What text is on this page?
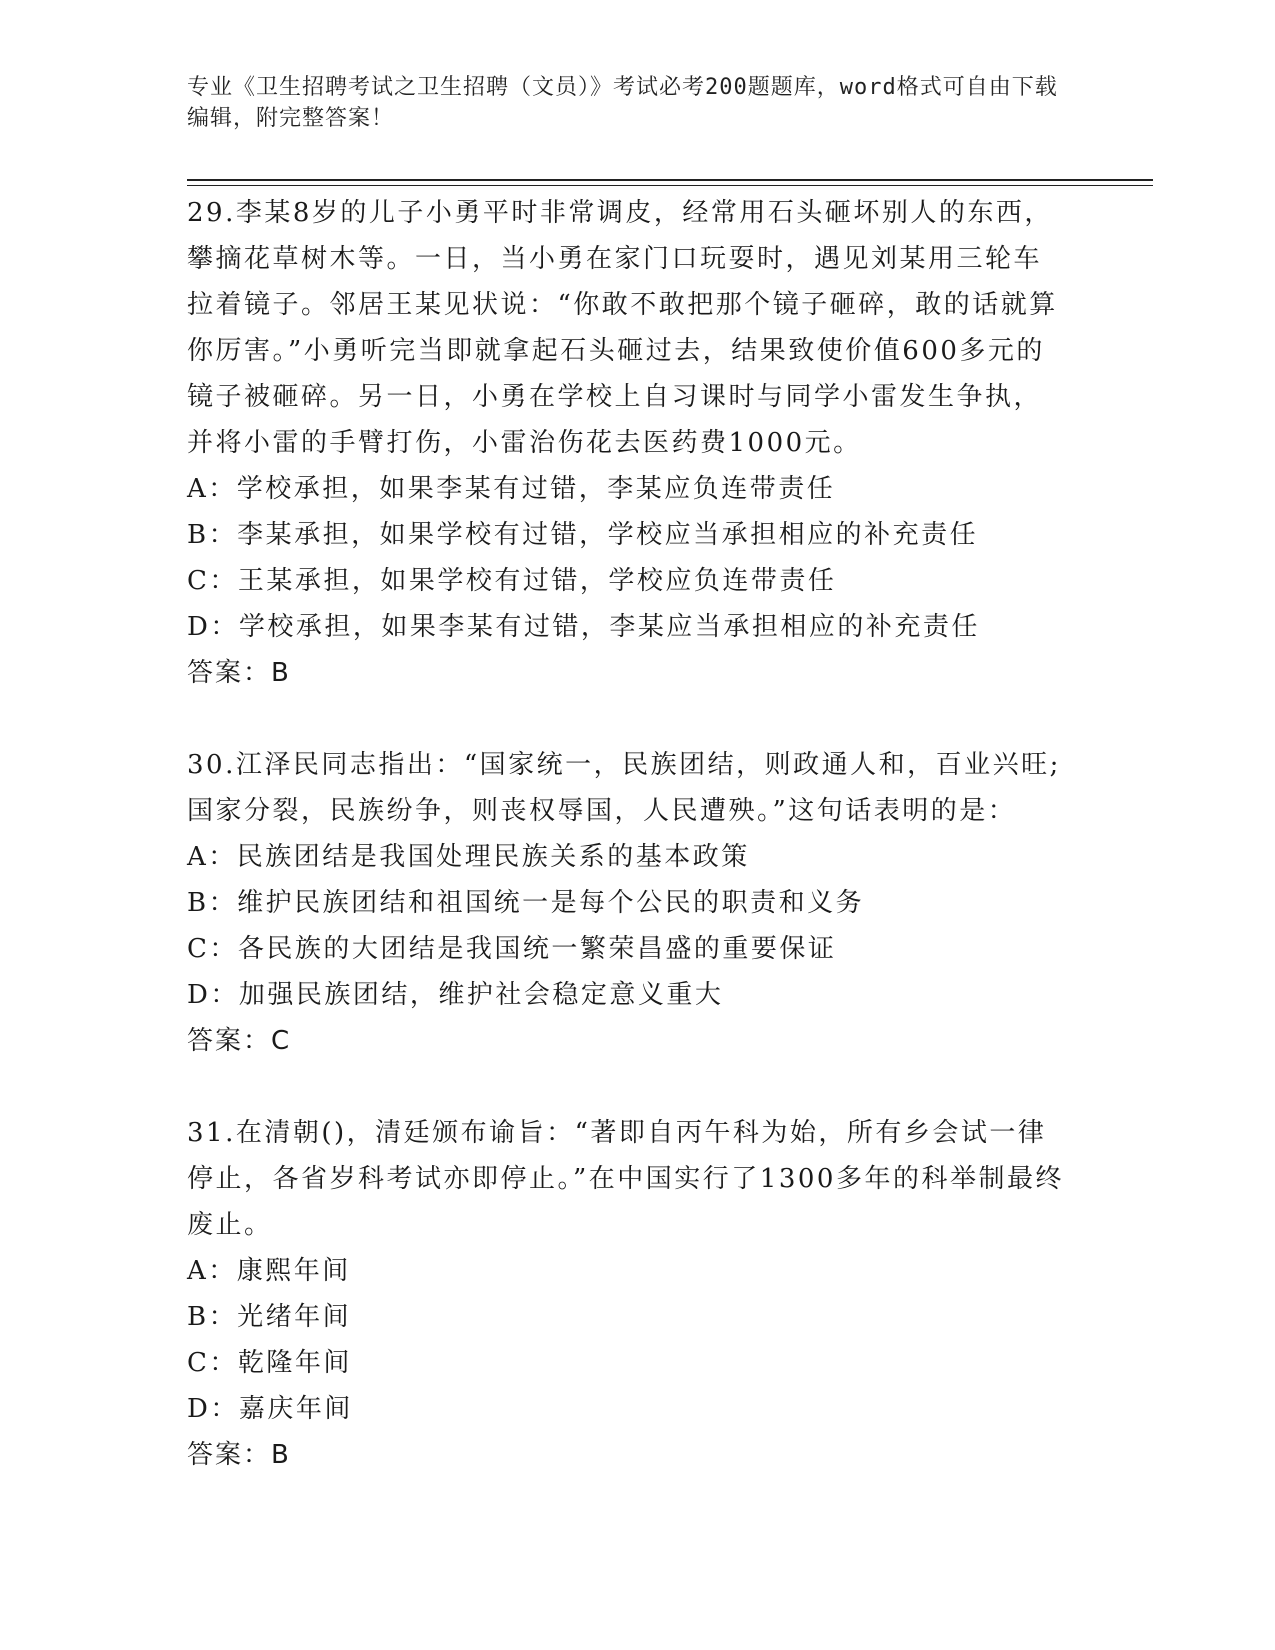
专业《卫生招聘考试之卫生招聘（文员）》考试必考200题题库，word格式可自由下载编辑，附完整答案！
29.李某8岁的儿子小勇平时非常调皮，经常用石头砸坏别人的东西，攀摘花草树木等。一日，当小勇在家门口玩耍时，遇见刘某用三轮车拉着镜子。邻居王某见状说：“你敢不敢把那个镜子砸碎，敢的话就算你厉害。”小勇听完当即就拿起石头砸过去，结果致使价值600多元的镜子被砸碎。另一日，小勇在学校上自习课时与同学小雷发生争执，并将小雷的手臂打伤，小雷治伤花去医药费1000元。
A：学校承担，如果李某有过错，李某应负连带责任
B：李某承担，如果学校有过错，学校应当承担相应的补充责任
C：王某承担，如果学校有过错，学校应负连带责任
D：学校承担，如果李某有过错，李某应当承担相应的补充责任
答案：B
30.江泽民同志指出：“国家统一，民族团结，则政通人和，百业兴旺;国家分裂，民族纷争，则丧权辱国，人民遭殃。”这句话表明的是：
A：民族团结是我国处理民族关系的基本政策
B：维护民族团结和祖国统一是每个公民的职责和义务
C：各民族的大团结是我国统一繁荣昌盛的重要保证
D：加强民族团结，维护社会稳定意义重大
答案：C
31.在清朝()，清廷颁布谕旨：“著即自丙午科为始，所有乡会试一律停止，各省岁科考试亦即停止。”在中国实行了1300多年的科举制最终废止。
A：康熙年间
B：光绪年间
C：乾隆年间
D：嘉庆年间
答案：B
